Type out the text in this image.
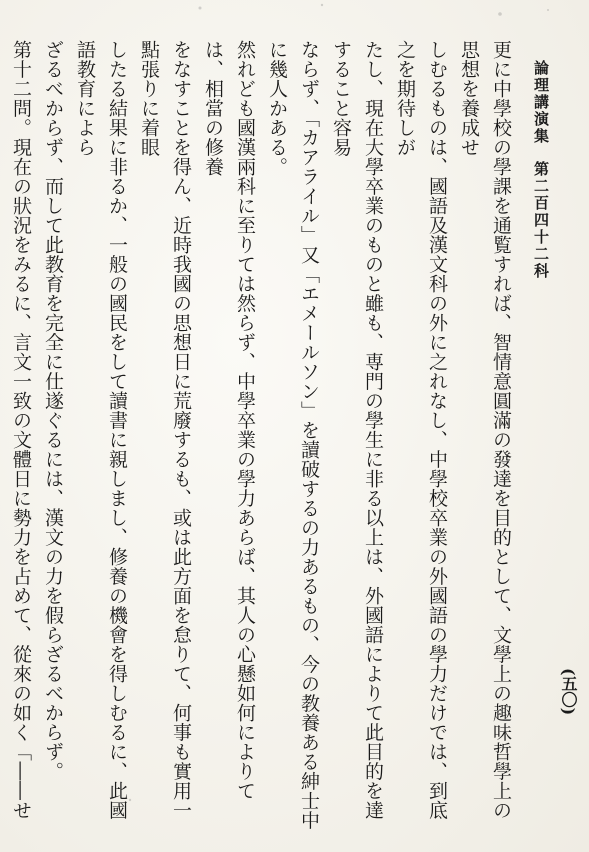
論理講演集
第二百四十二科
更に中學校の學課を通覧すれば、智情意圓滿の發達を目的として、文學上の趣味哲學上の思想を養成せ
しむるものは、國語及漢文科の外に之れなし、中學校卒業の外國語の學力だけでは、到底之を期待しが
たし、現在大學卒業のものと雖も、専門の學生に非る以上は、外國語によりて此目的を達すること容易
ならず、「カアライル」又「エメールソン」を讀破するの力あるもの、今の教養ある紳士中に幾人かある。
然れども國漢兩科に至りては然らず、中學卒業の學力あらば、其人の心懸如何によりては、相當の修養
をなすことを得ん、近時我國の思想日に荒廢するも、或は此方面を怠りて、何事も實用一點張りに着眼
したる結果に非るか、一般の國民をして讀書に親しまし、修養の機會を得しむるに、此國語教育によら
ざるべからず、而して此教育を完全に仕遂ぐるには、漢文の力を假らざるべからず。
第十二問。現在の狀況をみるに、言文一致の文體日に勢力を占めて、從來の如く「――せ
(五〇)
